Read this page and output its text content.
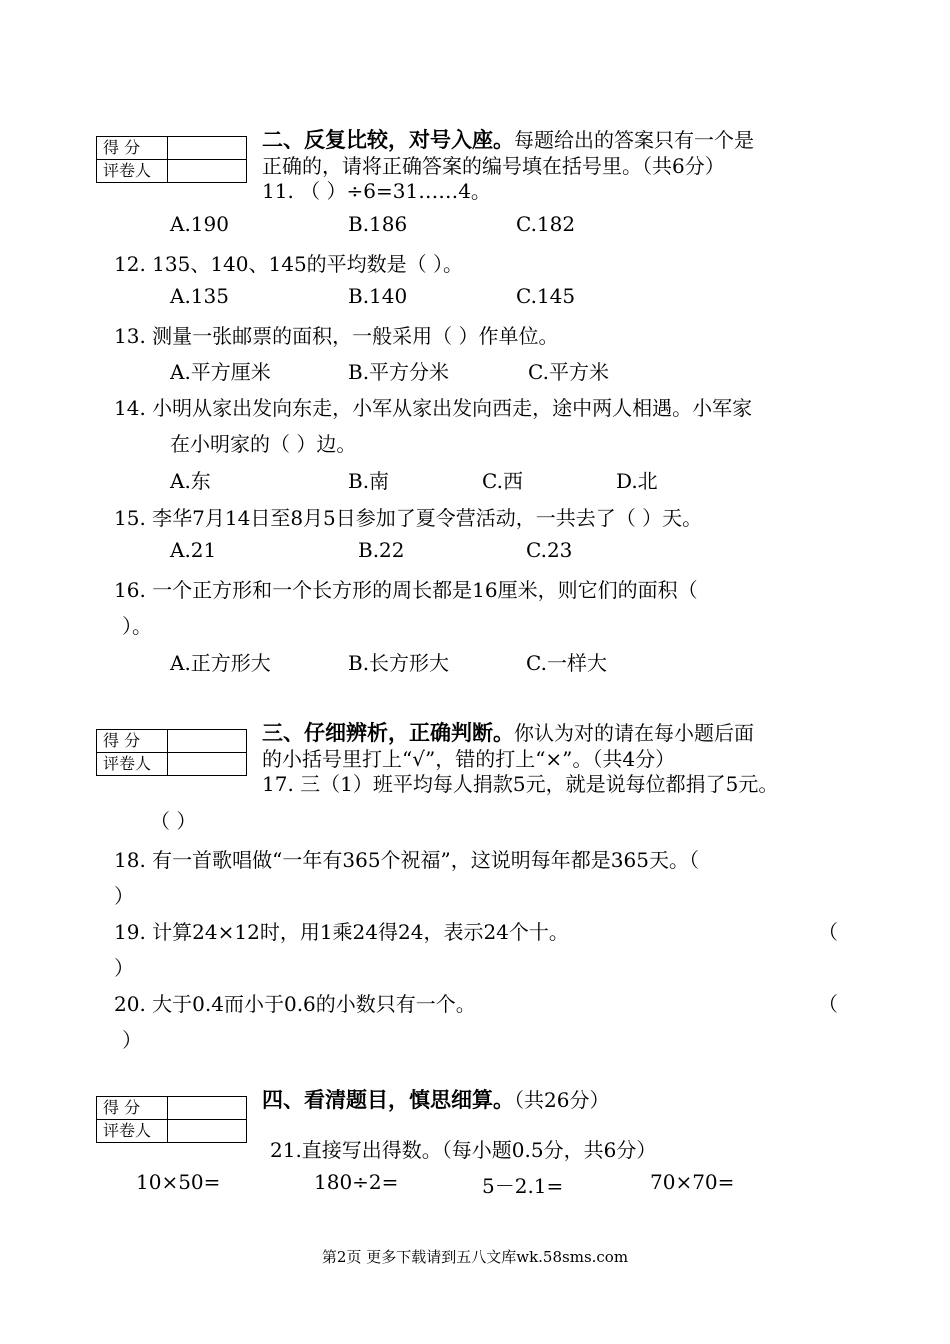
得 分	
评卷人	
二、反复比较，对号入座。每题给出的答案只有一个是
正确的，请将正确答案的编号填在括号里。（共6分）
11. （ ）÷6=31……4。
A.190	B.186	C.182
12. 135、140、145的平均数是（ ）。
A.135	B.140	C.145
13. 测量一张邮票的面积，一般采用（ ）作单位。
A.平方厘米	B.平方分米	C.平方米
14. 小明从家出发向东走，小军从家出发向西走，途中两人相遇。小军家
在小明家的（ ）边。
A.东	B.南	C.西	D.北
15. 李华7月14日至8月5日参加了夏令营活动，一共去了（ ）天。
A.21	B.22	C.23
16. 一个正方形和一个长方形的周长都是16厘米，则它们的面积（
）。
A.正方形大	B.长方形大	C.一样大
得 分	
评卷人	
三、仔细辨析，正确判断。你认为对的请在每小题后面
的小括号里打上“√”，错的打上“×”。（共4分）
17. 三（1）班平均每人捐款5元，就是说每位都捐了5元。
（ ）
18. 有一首歌唱做“一年有365个祝福”，这说明每年都是365天。（
）
19. 计算24×12时，用1乘24得24，表示24个十。	（
）
20. 大于0.4而小于0.6的小数只有一个。	（
）
得 分	
评卷人	
四、看清题目，慎思细算。（共26分）
21.直接写出得数。（每小题0.5分，共6分）
10×50=	180÷2=	5－2.1=	70×70=
第2页 更多下载请到五八文库wk.58sms.com
